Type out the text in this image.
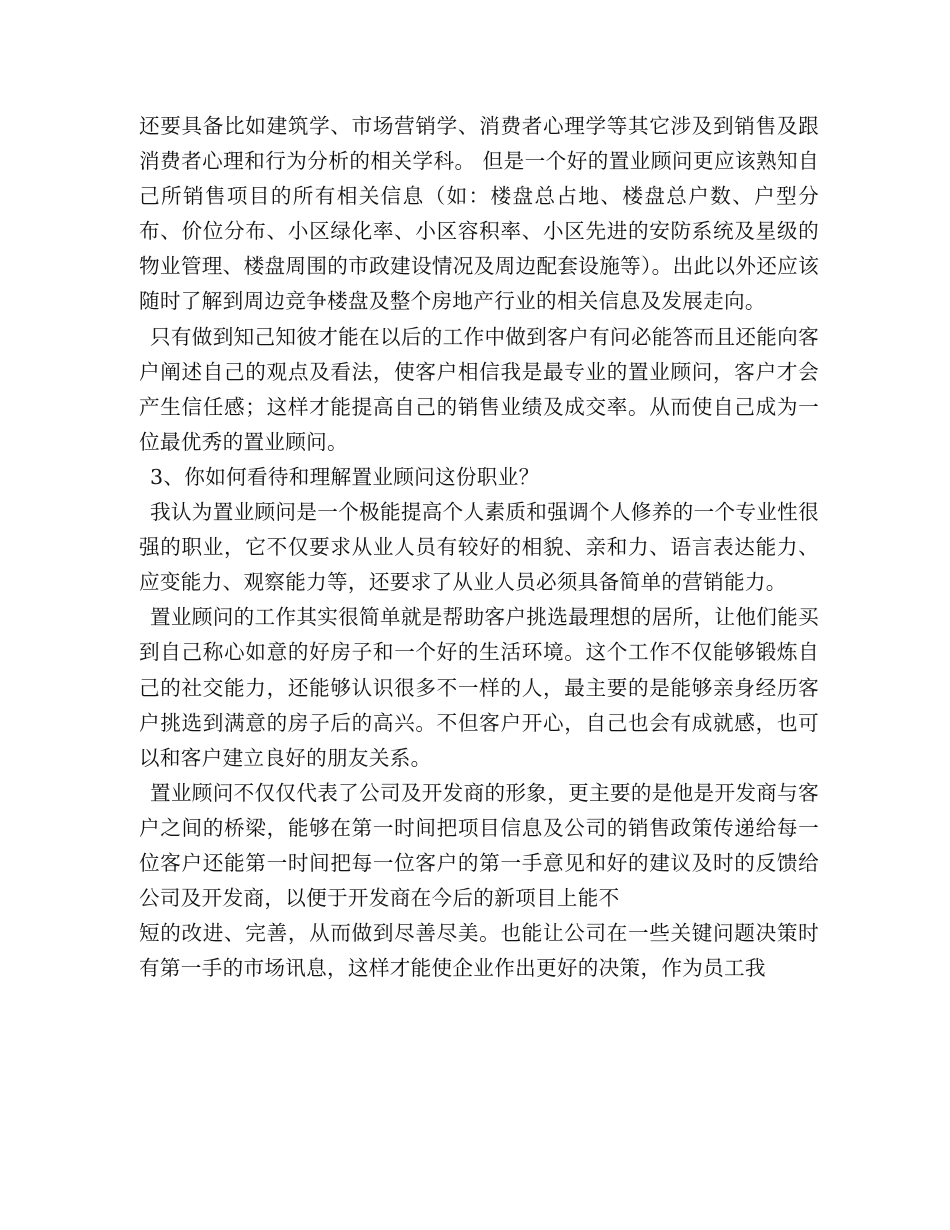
还要具备比如建筑学、市场营销学、消费者心理学等其它涉及到销售及跟消费者心理和行为分析的相关学科。 但是一个好的置业顾问更应该熟知自己所销售项目的所有相关信息（如：楼盘总占地、楼盘总户数、户型分布、价位分布、小区绿化率、小区容积率、小区先进的安防系统及星级的物业管理、楼盘周围的市政建设情况及周边配套设施等）。出此以外还应该随时了解到周边竞争楼盘及整个房地产行业的相关信息及发展走向。

只有做到知己知彼才能在以后的工作中做到客户有问必能答而且还能向客户阐述自己的观点及看法，使客户相信我是最专业的置业顾问，客户才会产生信任感；这样才能提高自己的销售业绩及成交率。从而使自己成为一位最优秀的置业顾问。

3、你如何看待和理解置业顾问这份职业？

我认为置业顾问是一个极能提高个人素质和强调个人修养的一个专业性很强的职业，它不仅要求从业人员有较好的相貌、亲和力、语言表达能力、应变能力、观察能力等，还要求了从业人员必须具备简单的营销能力。

置业顾问的工作其实很简单就是帮助客户挑选最理想的居所，让他们能买到自己称心如意的好房子和一个好的生活环境。这个工作不仅能够锻炼自己的社交能力，还能够认识很多不一样的人，最主要的是能够亲身经历客户挑选到满意的房子后的高兴。不但客户开心，自己也会有成就感，也可以和客户建立良好的朋友关系。

置业顾问不仅仅代表了公司及开发商的形象，更主要的是他是开发商与客户之间的桥梁，能够在第一时间把项目信息及公司的销售政策传递给每一位客户还能第一时间把每一位客户的第一手意见和好的建议及时的反馈给公司及开发商，以便于开发商在今后的新项目上能不

短的改进、完善，从而做到尽善尽美。也能让公司在一些关键问题决策时有第一手的市场讯息，这样才能使企业作出更好的决策，作为员工我
